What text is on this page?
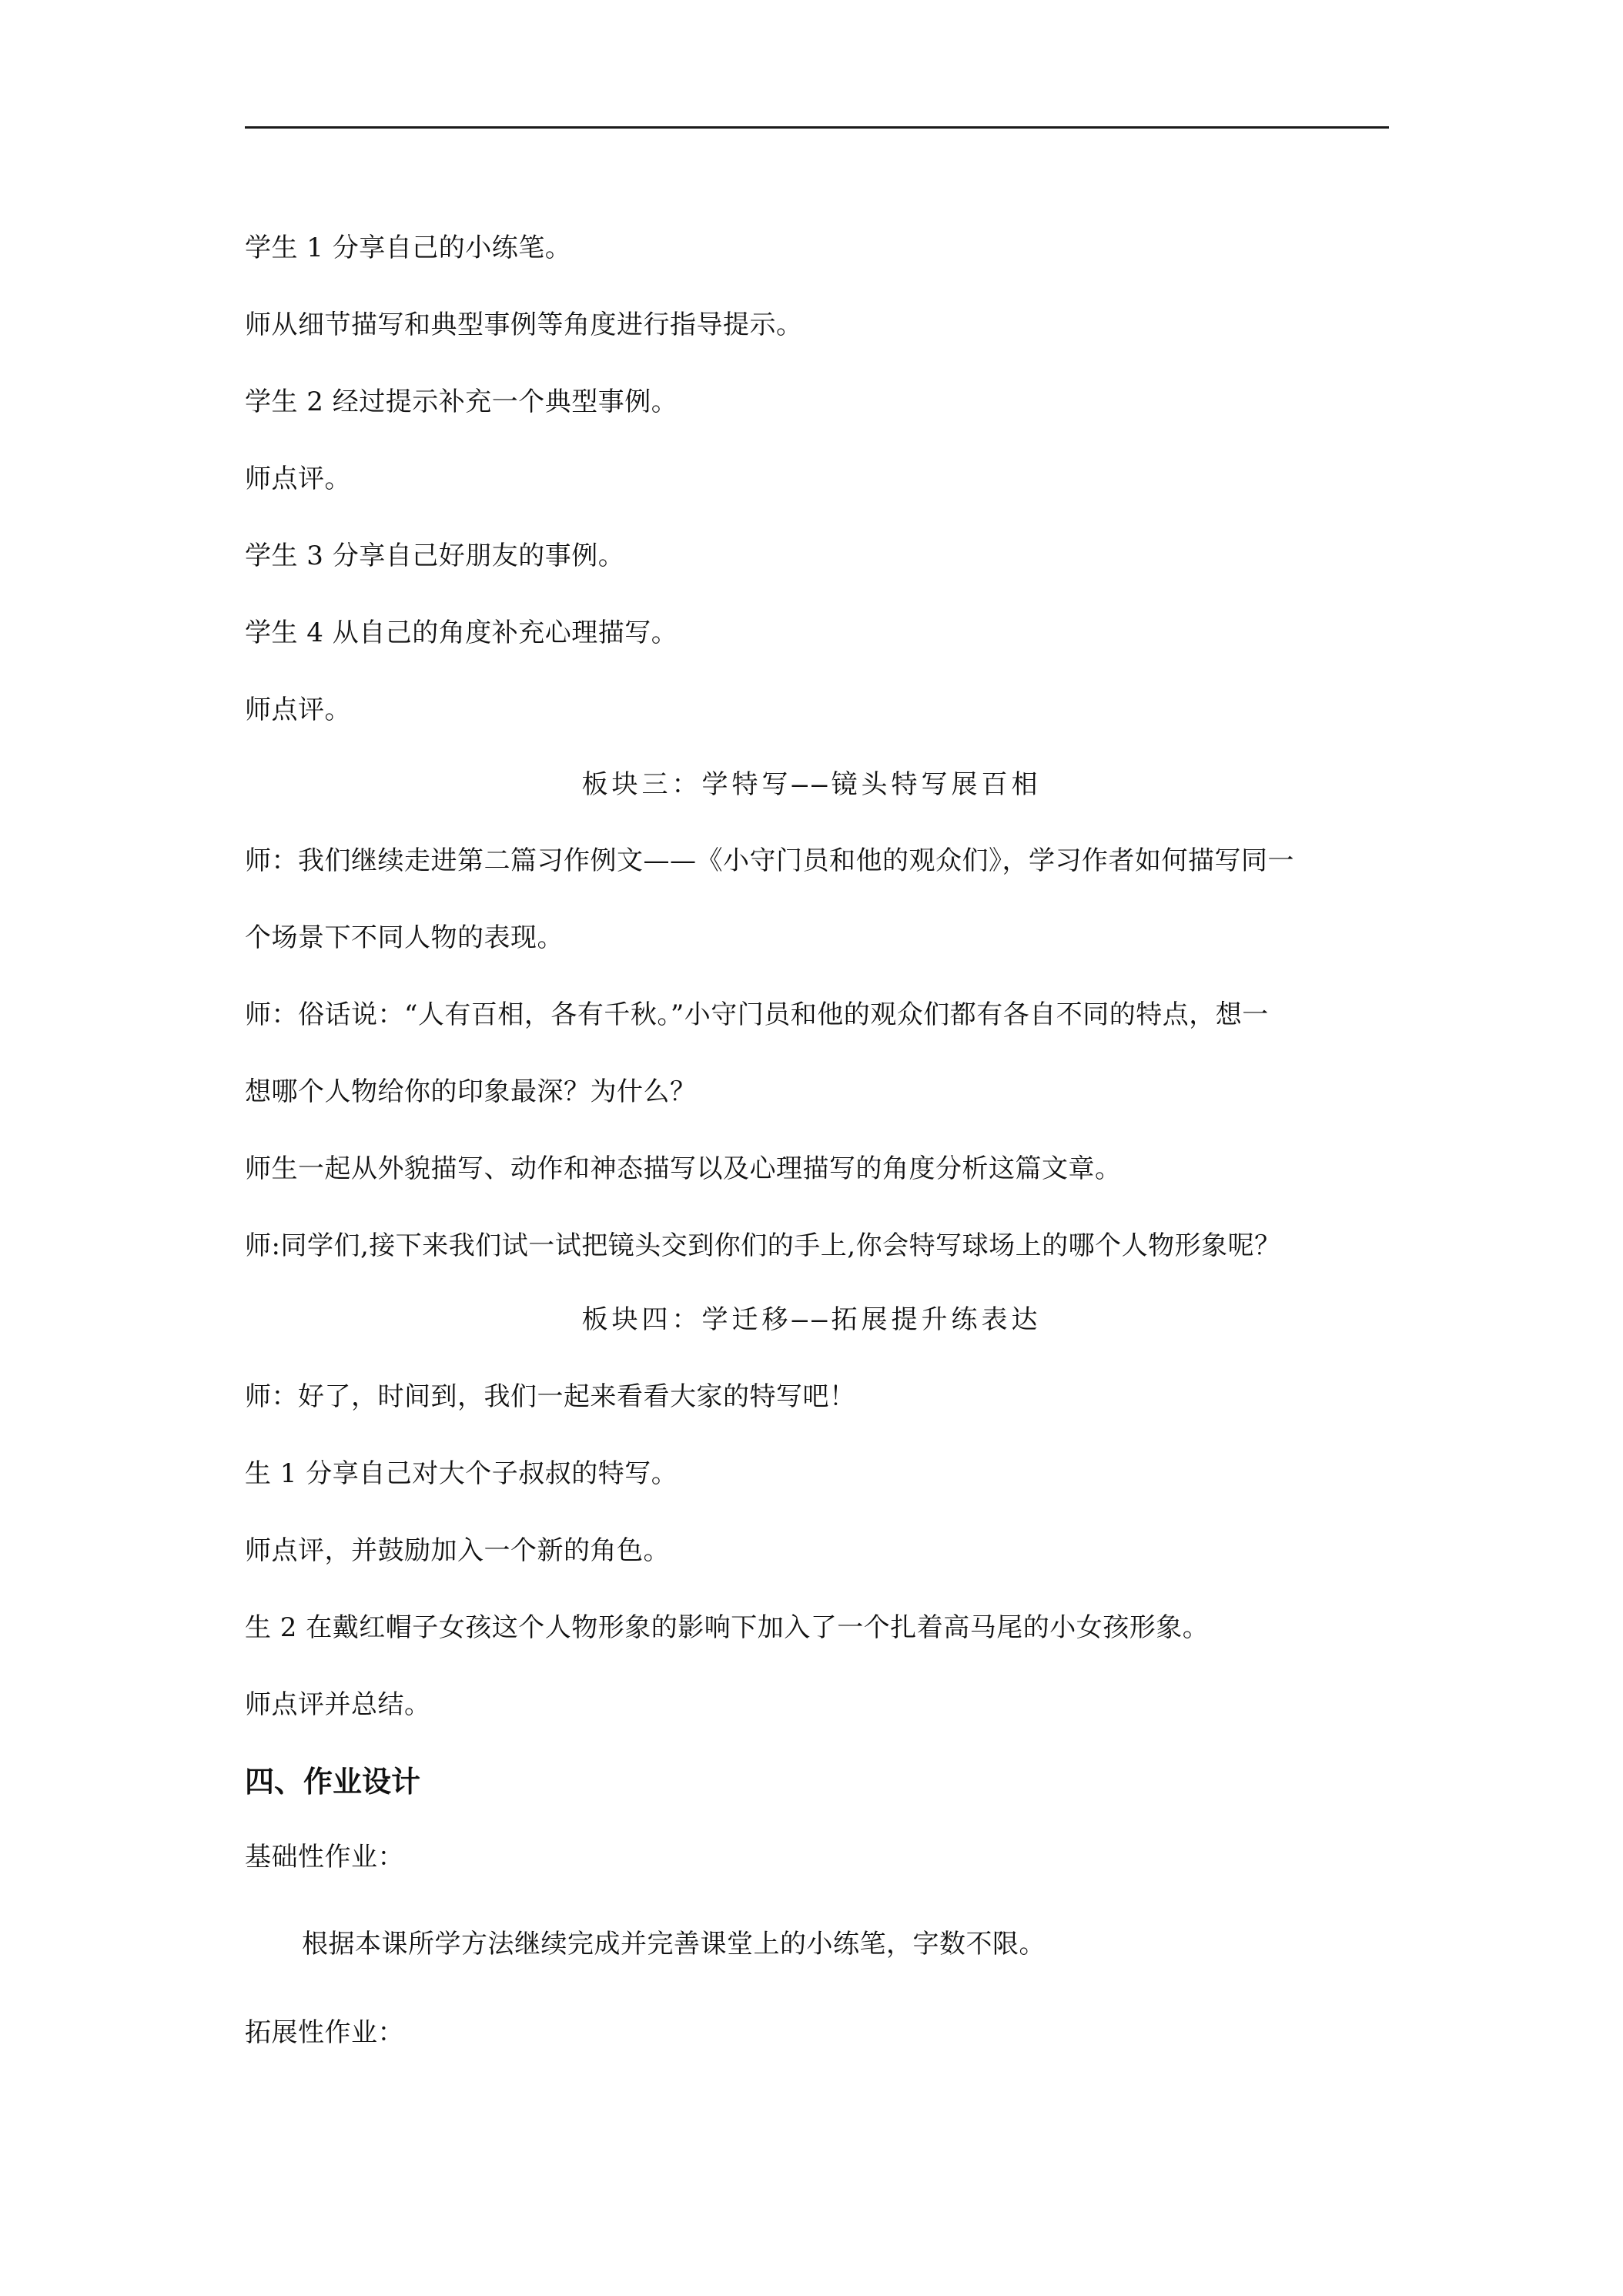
学生 1 分享自己的小练笔。
师从细节描写和典型事例等角度进行指导提示。
学生 2 经过提示补充一个典型事例。
师点评。
学生 3 分享自己好朋友的事例。
学生 4 从自己的角度补充心理描写。
师点评。
板块三：学特写——镜头特写展百相
师：我们继续走进第二篇习作例文——《小守门员和他的观众们》，学习作者如何描写同一
个场景下不同人物的表现。
师：俗话说：“人有百相，各有千秋。”小守门员和他的观众们都有各自不同的特点，想一
想哪个人物给你的印象最深？为什么？
师生一起从外貌描写、动作和神态描写以及心理描写的角度分析这篇文章。
师:同学们,接下来我们试一试把镜头交到你们的手上,你会特写球场上的哪个人物形象呢？
板块四：学迁移——拓展提升练表达
师：好了，时间到，我们一起来看看大家的特写吧！
生 1 分享自己对大个子叔叔的特写。
师点评，并鼓励加入一个新的角色。
生 2 在戴红帽子女孩这个人物形象的影响下加入了一个扎着高马尾的小女孩形象。
师点评并总结。
四、作业设计
基础性作业：
根据本课所学方法继续完成并完善课堂上的小练笔，字数不限。
拓展性作业：
